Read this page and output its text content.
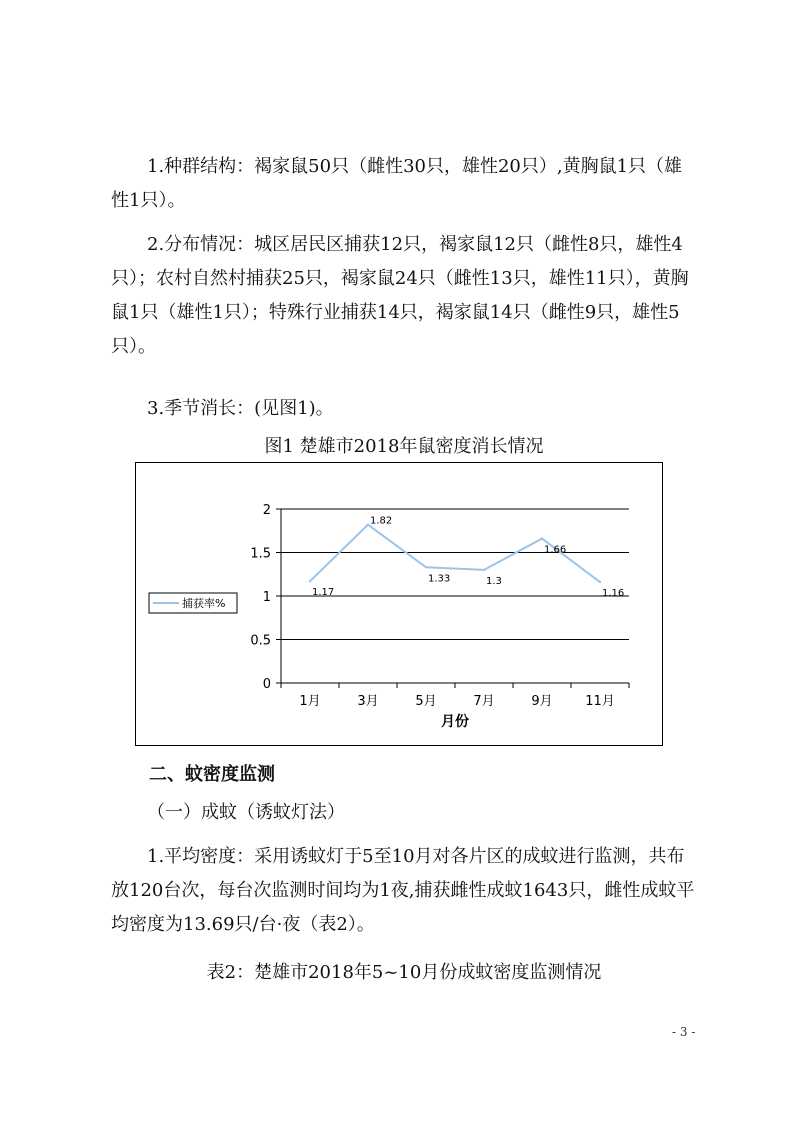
1.种群结构：褐家鼠50只（雌性30只，雄性20只）,黄胸鼠1只（雄性1只）。

2.分布情况：城区居民区捕获12只，褐家鼠12只（雌性8只，雄性4只）；农村自然村捕获25只，褐家鼠24只（雌性13只，雄性11只），黄胸鼠1只（雄性1只）；特殊行业捕获14只，褐家鼠14只（雌性9只，雄性5只）。

3.季节消长：(见图1)。

图1 楚雄市2018年鼠密度消长情况

0
0.5
1
1.5
2
1月	3月	5月	7月	9月	11月
月份
1.17
1.82
1.33	1.3
1.66
1.16
捕获率%

二、蚊密度监测

（一）成蚊（诱蚊灯法）

1.平均密度：采用诱蚊灯于5至10月对各片区的成蚊进行监测，共布放120台次，每台次监测时间均为1夜,捕获雌性成蚊1643只，雌性成蚊平均密度为13.69只/台·夜（表2）。

表2：楚雄市2018年5~10月份成蚊密度监测情况

- 3 -
